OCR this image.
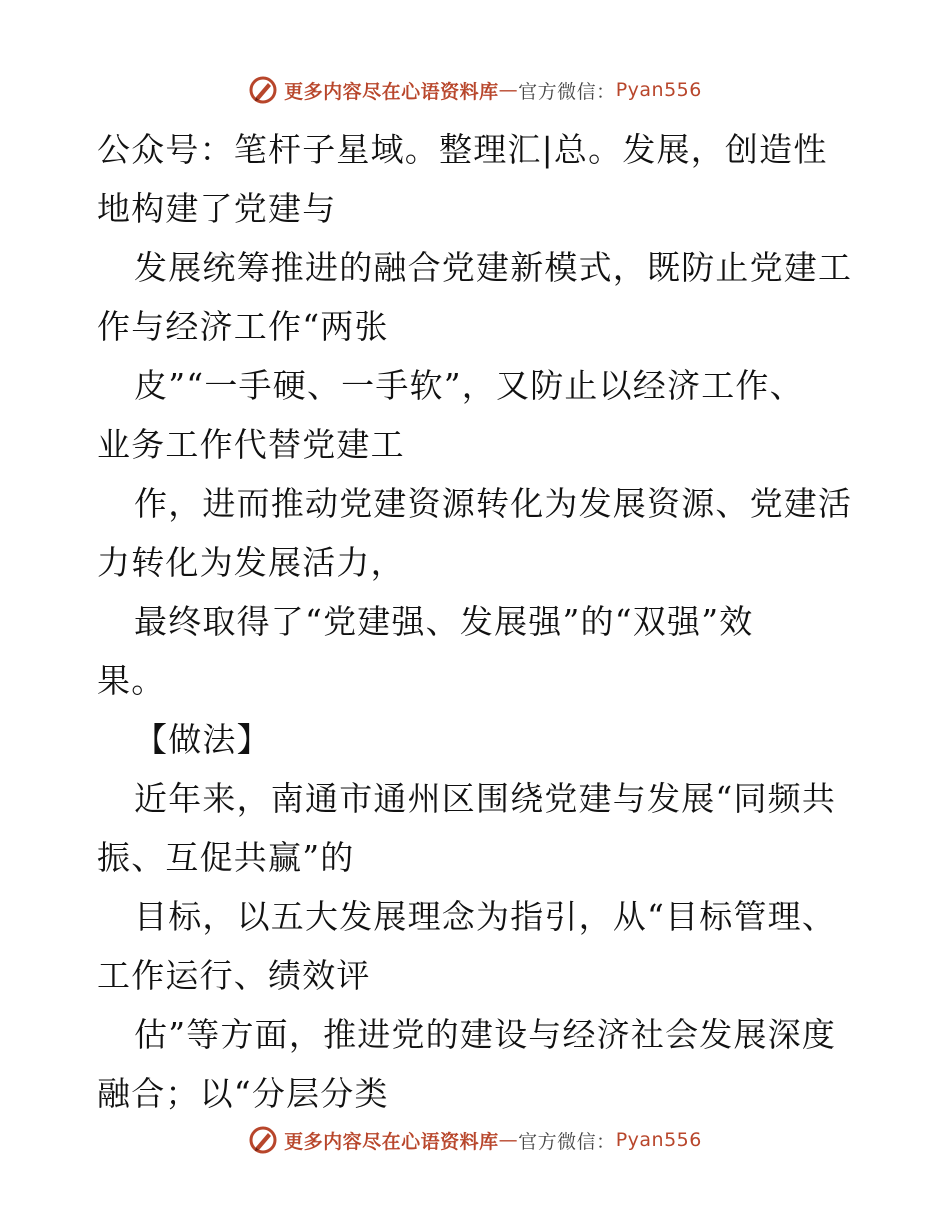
更多内容尽在心语资料库 — 官方微信： Pyan556
公众号：笔杆子星域。整理汇|总。发展，创造性
地构建了党建与
发展统筹推进的融合党建新模式，既防止党建工
作与经济工作“两张
皮”“一手硬、一手软”，又防止以经济工作、
业务工作代替党建工
作，进而推动党建资源转化为发展资源、党建活
力转化为发展活力，
最终取得了“党建强、发展强”的“双强”效
果。
【做法】
近年来，南通市通州区围绕党建与发展“同频共
振、互促共赢”的
目标，以五大发展理念为指引，从“目标管理、
工作运行、绩效评
估”等方面，推进党的建设与经济社会发展深度
融合；以“分层分类
更多内容尽在心语资料库 — 官方微信： Pyan556
